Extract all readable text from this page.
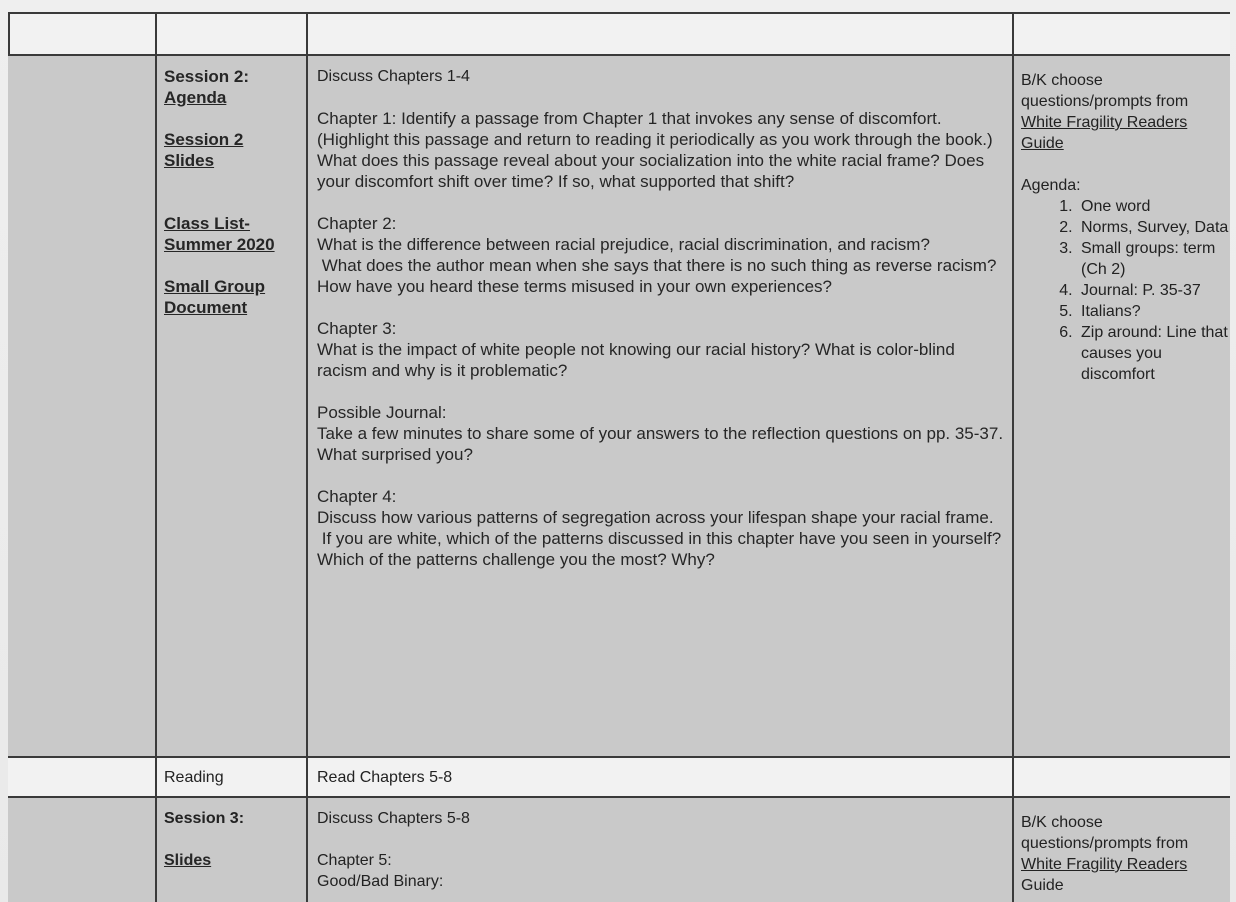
Session 2:
Agenda
Session 2 Slides
Class List-Summer 2020
Small Group Document
Discuss Chapters 1-4
Chapter 1: Identify a passage from Chapter 1 that invokes any sense of discomfort. (Highlight this passage and return to reading it periodically as you work through the book.) What does this passage reveal about your socialization into the white racial frame? Does your discomfort shift over time? If so, what supported that shift?
Chapter 2:
What is the difference between racial prejudice, racial discrimination, and racism?
What does the author mean when she says that there is no such thing as reverse racism?
How have you heard these terms misused in your own experiences?
Chapter 3:
What is the impact of white people not knowing our racial history? What is color-blind racism and why is it problematic?
Possible Journal:
Take a few minutes to share some of your answers to the reflection questions on pp. 35-37. What surprised you?
Chapter 4:
Discuss how various patterns of segregation across your lifespan shape your racial frame.
If you are white, which of the patterns discussed in this chapter have you seen in yourself? Which of the patterns challenge you the most? Why?
B/K choose questions/prompts from White Fragility Readers Guide
Agenda:
1. One word
2. Norms, Survey, Data
3. Small groups: term (Ch 2)
4. Journal: P. 35-37
5. Italians?
6. Zip around: Line that causes you discomfort
Reading	Read Chapters 5-8
Session 3:
Slides
Discuss Chapters 5-8
Chapter 5:
Good/Bad Binary:
B/K choose questions/prompts from White Fragility Readers
Guide
